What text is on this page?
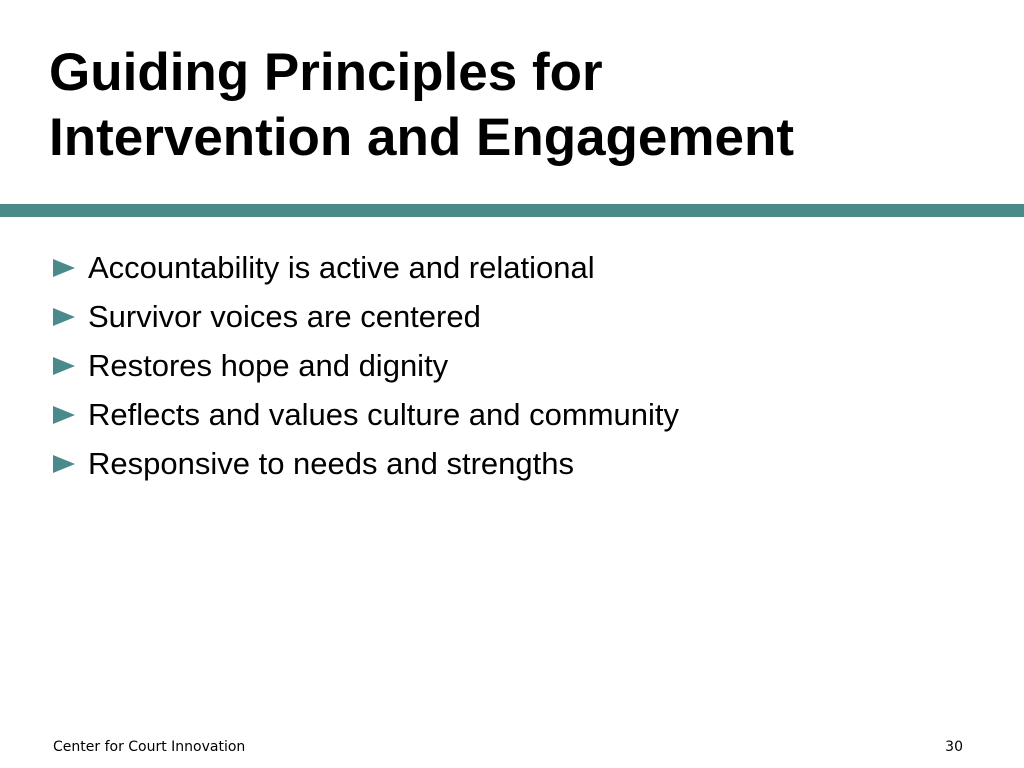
Guiding Principles for
Intervention and Engagement
Accountability is active and relational
Survivor voices are centered
Restores hope and dignity
Reflects and values culture and community
Responsive to needs and strengths
Center for Court Innovation	30
